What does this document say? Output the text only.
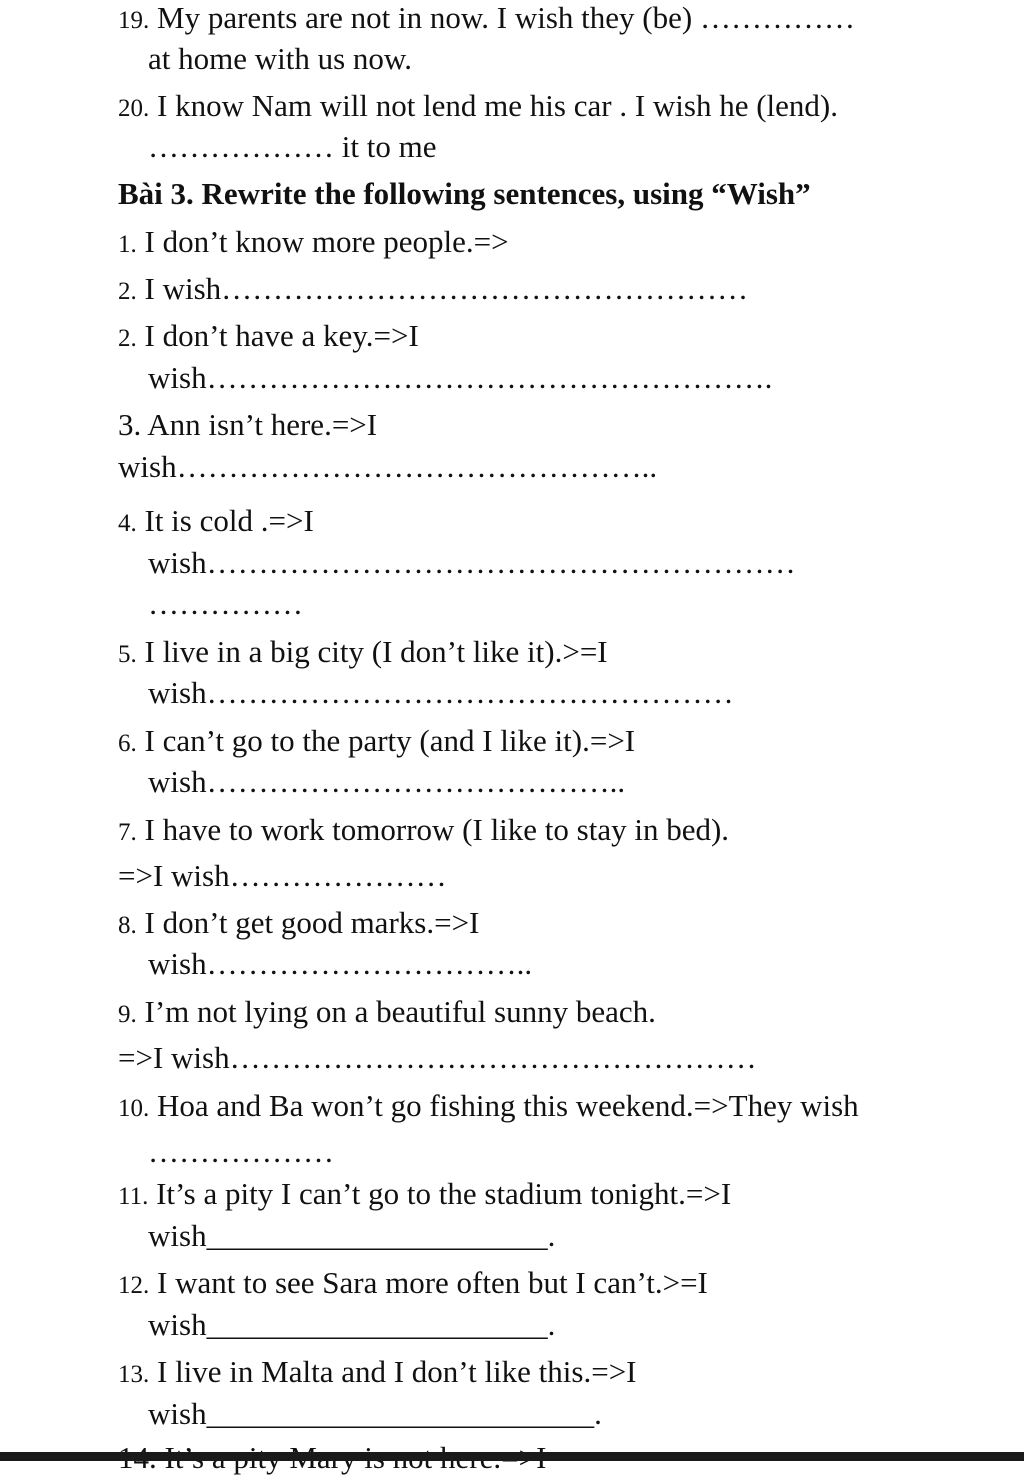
19. My parents are not in now. I wish they (be) ……………
at home with us now.
20. I know Nam will not lend me his car . I wish he (lend).
……………… it to me
Bài 3. Rewrite the following sentences, using “Wish”
1. I don’t know more people.=>
2. I wish……………………………………………
2. I don’t have a key.=>I
wish……………………………………………….
3. Ann isn’t here.=>I
wish………………………………………..
4. It is cold .=>I
wish…………………………………………………
……………
5. I live in a big city (I don’t like it).>=I
wish……………………………………………
6. I can’t go to the party (and I like it).=>I
wish…………………………………..
7. I have to work tomorrow (I like to stay in bed).
=>I wish…………………
8. I don’t get good marks.=>I
wish…………………………..
9. I’m not lying on a beautiful sunny beach.
=>I wish……………………………………………
10. Hoa and Ba won’t go fishing this weekend.=>They wish
………………
11. It’s a pity I can’t go to the stadium tonight.=>I
wish______________________.
12. I want to see Sara more often but I can’t.>=I
wish______________________.
13. I live in Malta and I don’t like this.=>I
wish_________________________.
